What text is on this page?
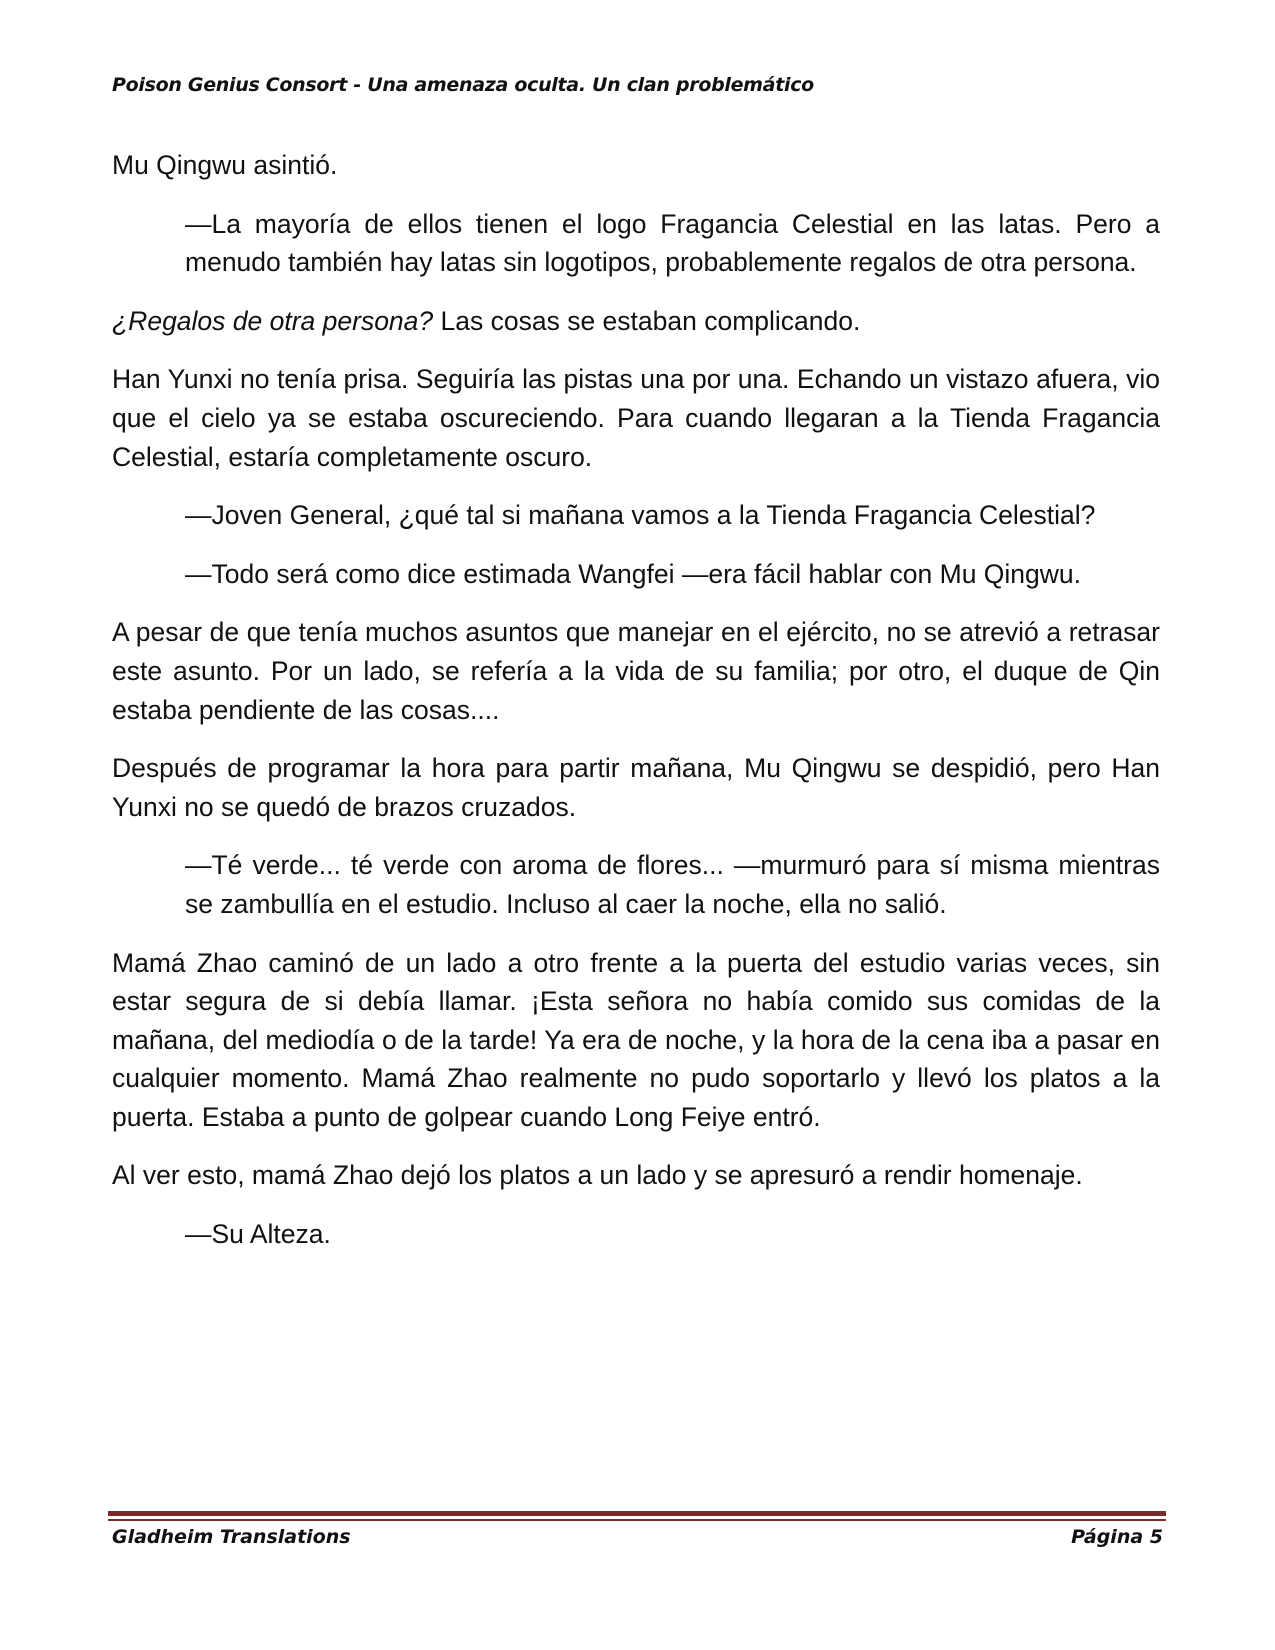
Poison Genius Consort - Una amenaza oculta. Un clan problemático

Mu Qingwu asintió.

—La mayoría de ellos tienen el logo Fragancia Celestial en las latas. Pero a menudo también hay latas sin logotipos, probablemente regalos de otra persona.

¿Regalos de otra persona? Las cosas se estaban complicando.

Han Yunxi no tenía prisa. Seguiría las pistas una por una. Echando un vistazo afuera, vio que el cielo ya se estaba oscureciendo. Para cuando llegaran a la Tienda Fragancia Celestial, estaría completamente oscuro.

—Joven General, ¿qué tal si mañana vamos a la Tienda Fragancia Celestial?

—Todo será como dice estimada Wangfei —era fácil hablar con Mu Qingwu.

A pesar de que tenía muchos asuntos que manejar en el ejército, no se atrevió a retrasar este asunto. Por un lado, se refería a la vida de su familia; por otro, el duque de Qin estaba pendiente de las cosas....

Después de programar la hora para partir mañana, Mu Qingwu se despidió, pero Han Yunxi no se quedó de brazos cruzados.

—Té verde... té verde con aroma de flores... —murmuró para sí misma mientras se zambullía en el estudio. Incluso al caer la noche, ella no salió.

Mamá Zhao caminó de un lado a otro frente a la puerta del estudio varias veces, sin estar segura de si debía llamar. ¡Esta señora no había comido sus comidas de la mañana, del mediodía o de la tarde! Ya era de noche, y la hora de la cena iba a pasar en cualquier momento. Mamá Zhao realmente no pudo soportarlo y llevó los platos a la puerta. Estaba a punto de golpear cuando Long Feiye entró.

Al ver esto, mamá Zhao dejó los platos a un lado y se apresuró a rendir homenaje.

—Su Alteza.

Gladheim Translations	Página 5
